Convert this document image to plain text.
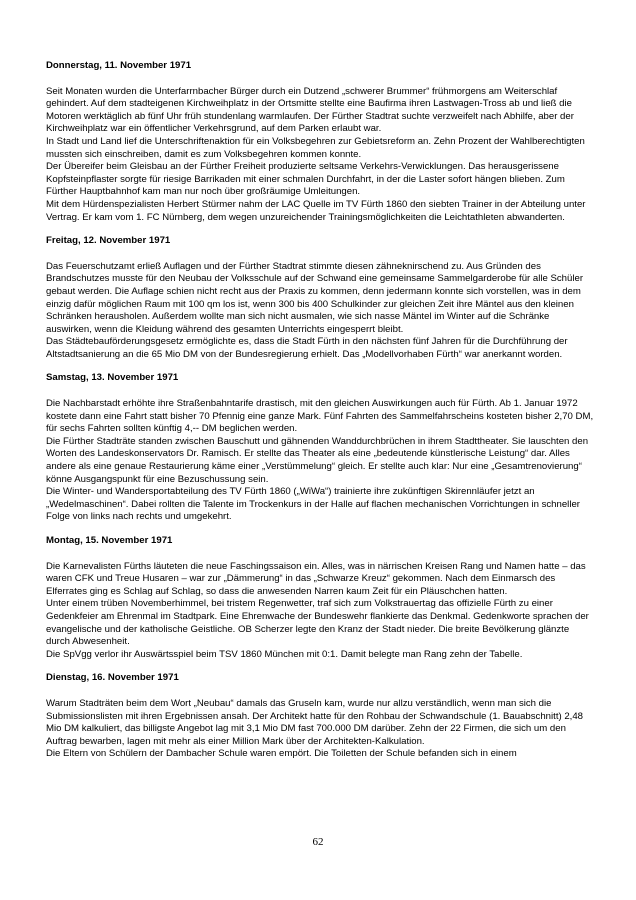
Donnerstag, 11. November 1971

Seit Monaten wurden die Unterfarrnbacher Bürger durch ein Dutzend „schwerer Brummer“ frühmorgens am Weiterschlaf gehindert. Auf dem stadteigenen Kirchweihplatz in der Ortsmitte stellte eine Baufirma ihren Lastwagen-Tross ab und ließ die Motoren werktäglich ab fünf Uhr früh stundenlang warmlaufen. Der Fürther Stadtrat suchte verzweifelt nach Abhilfe, aber der Kirchweihplatz war ein öffentlicher Verkehrsgrund, auf dem Parken erlaubt war.

In Stadt und Land lief die Unterschriftenaktion für ein Volksbegehren zur Gebietsreform an. Zehn Prozent der Wahlberechtigten mussten sich einschreiben, damit es zum Volksbegehren kommen konnte.

Der Übereifer beim Gleisbau an der Fürther Freiheit produzierte seltsame Verkehrs-Verwicklungen. Das herausgerissene Kopfsteinpflaster sorgte für riesige Barrikaden mit einer schmalen Durchfahrt, in der die Laster sofort hängen blieben. Zum Fürther Hauptbahnhof kam man nur noch über großräumige Umleitungen.

Mit dem Hürdenspezialisten Herbert Stürmer nahm der LAC Quelle im TV Fürth 1860 den siebten Trainer in der Abteilung unter Vertrag. Er kam vom 1. FC Nürnberg, dem wegen unzureichender Trainingsmöglichkeiten die Leichtathleten abwanderten.

Freitag, 12. November 1971

Das Feuerschutzamt erließ Auflagen und der Fürther Stadtrat stimmte diesen zähneknirschend zu. Aus Gründen des Brandschutzes musste für den Neubau der Volksschule auf der Schwand eine gemeinsame Sammelgarderobe für alle Schüler gebaut werden. Die Auflage schien nicht recht aus der Praxis zu kommen, denn jedermann konnte sich vorstellen, was in dem einzig dafür möglichen Raum mit 100 qm los ist, wenn 300 bis 400 Schulkinder zur gleichen Zeit ihre Mäntel aus den kleinen Schränken herausholen. Außerdem wollte man sich nicht ausmalen, wie sich nasse Mäntel im Winter auf die Schränke auswirken, wenn die Kleidung während des gesamten Unterrichts eingesperrt bleibt.

Das Städtebauförderungsgesetz ermöglichte es, dass die Stadt Fürth in den nächsten fünf Jahren für die Durchführung der Altstadtsanierung an die 65 Mio DM von der Bundesregierung erhielt. Das „Modellvorhaben Fürth“ war anerkannt worden.

Samstag, 13. November 1971

Die Nachbarstadt erhöhte ihre Straßenbahntarife drastisch, mit den gleichen Auswirkungen auch für Fürth. Ab 1. Januar 1972 kostete dann eine Fahrt statt bisher 70 Pfennig eine ganze Mark. Fünf Fahrten des Sammelfahrscheins kosteten bisher 2,70 DM, für sechs Fahrten sollten künftig 4,-- DM beglichen werden.

Die Fürther Stadträte standen zwischen Bauschutt und gähnenden Wanddurchbrüchen in ihrem Stadttheater. Sie lauschten den Worten des Landeskonservators Dr. Ramisch. Er stellte das Theater als eine „bedeutende künstlerische Leistung“ dar. Alles andere als eine genaue Restaurierung käme einer „Verstümmelung“ gleich. Er stellte auch klar: Nur eine „Gesamtrenovierung“ könne Ausgangspunkt für eine Bezuschussung sein.

Die Winter- und Wandersportabteilung des TV Fürth 1860 („WiWa“) trainierte ihre zukünftigen Skirennläufer jetzt an „Wedelmaschinen“. Dabei rollten die Talente im Trockenkurs in der Halle auf flachen mechanischen Vorrichtungen in schneller Folge von links nach rechts und umgekehrt.

Montag, 15. November 1971

Die Karnevalisten Fürths läuteten die neue Faschingssaison ein. Alles, was in närrischen Kreisen Rang und Namen hatte – das waren CFK und Treue Husaren – war zur „Dämmerung“ in das „Schwarze Kreuz“ gekommen. Nach dem Einmarsch des Elferrates ging es Schlag auf Schlag, so dass die anwesenden Narren kaum Zeit für ein Pläuschchen hatten.

Unter einem trüben Novemberhimmel, bei tristem Regenwetter, traf sich zum Volkstrauertag das offizielle Fürth zu einer Gedenkfeier am Ehrenmal im Stadtpark. Eine Ehrenwache der Bundeswehr flankierte das Denkmal. Gedenkworte sprachen der evangelische und der katholische Geistliche. OB Scherzer legte den Kranz der Stadt nieder. Die breite Bevölkerung glänzte durch Abwesenheit.

Die SpVgg verlor ihr Auswärtsspiel beim TSV 1860 München mit 0:1. Damit belegte man Rang zehn der Tabelle.

Dienstag, 16. November 1971

Warum Stadträten beim dem Wort „Neubau“ damals das Gruseln kam, wurde nur allzu verständlich, wenn man sich die Submissionslisten mit ihren Ergebnissen ansah. Der Architekt hatte für den Rohbau der Schwandschule (1. Bauabschnitt) 2,48 Mio DM kalkuliert, das billigste Angebot lag mit 3,1 Mio DM fast 700.000 DM darüber. Zehn der 22 Firmen, die sich um den Auftrag bewarben, lagen mit mehr als einer Million Mark über der Architekten-Kalkulation.

Die Eltern von Schülern der Dambacher Schule waren empört. Die Toiletten der Schule befanden sich in einem

62
